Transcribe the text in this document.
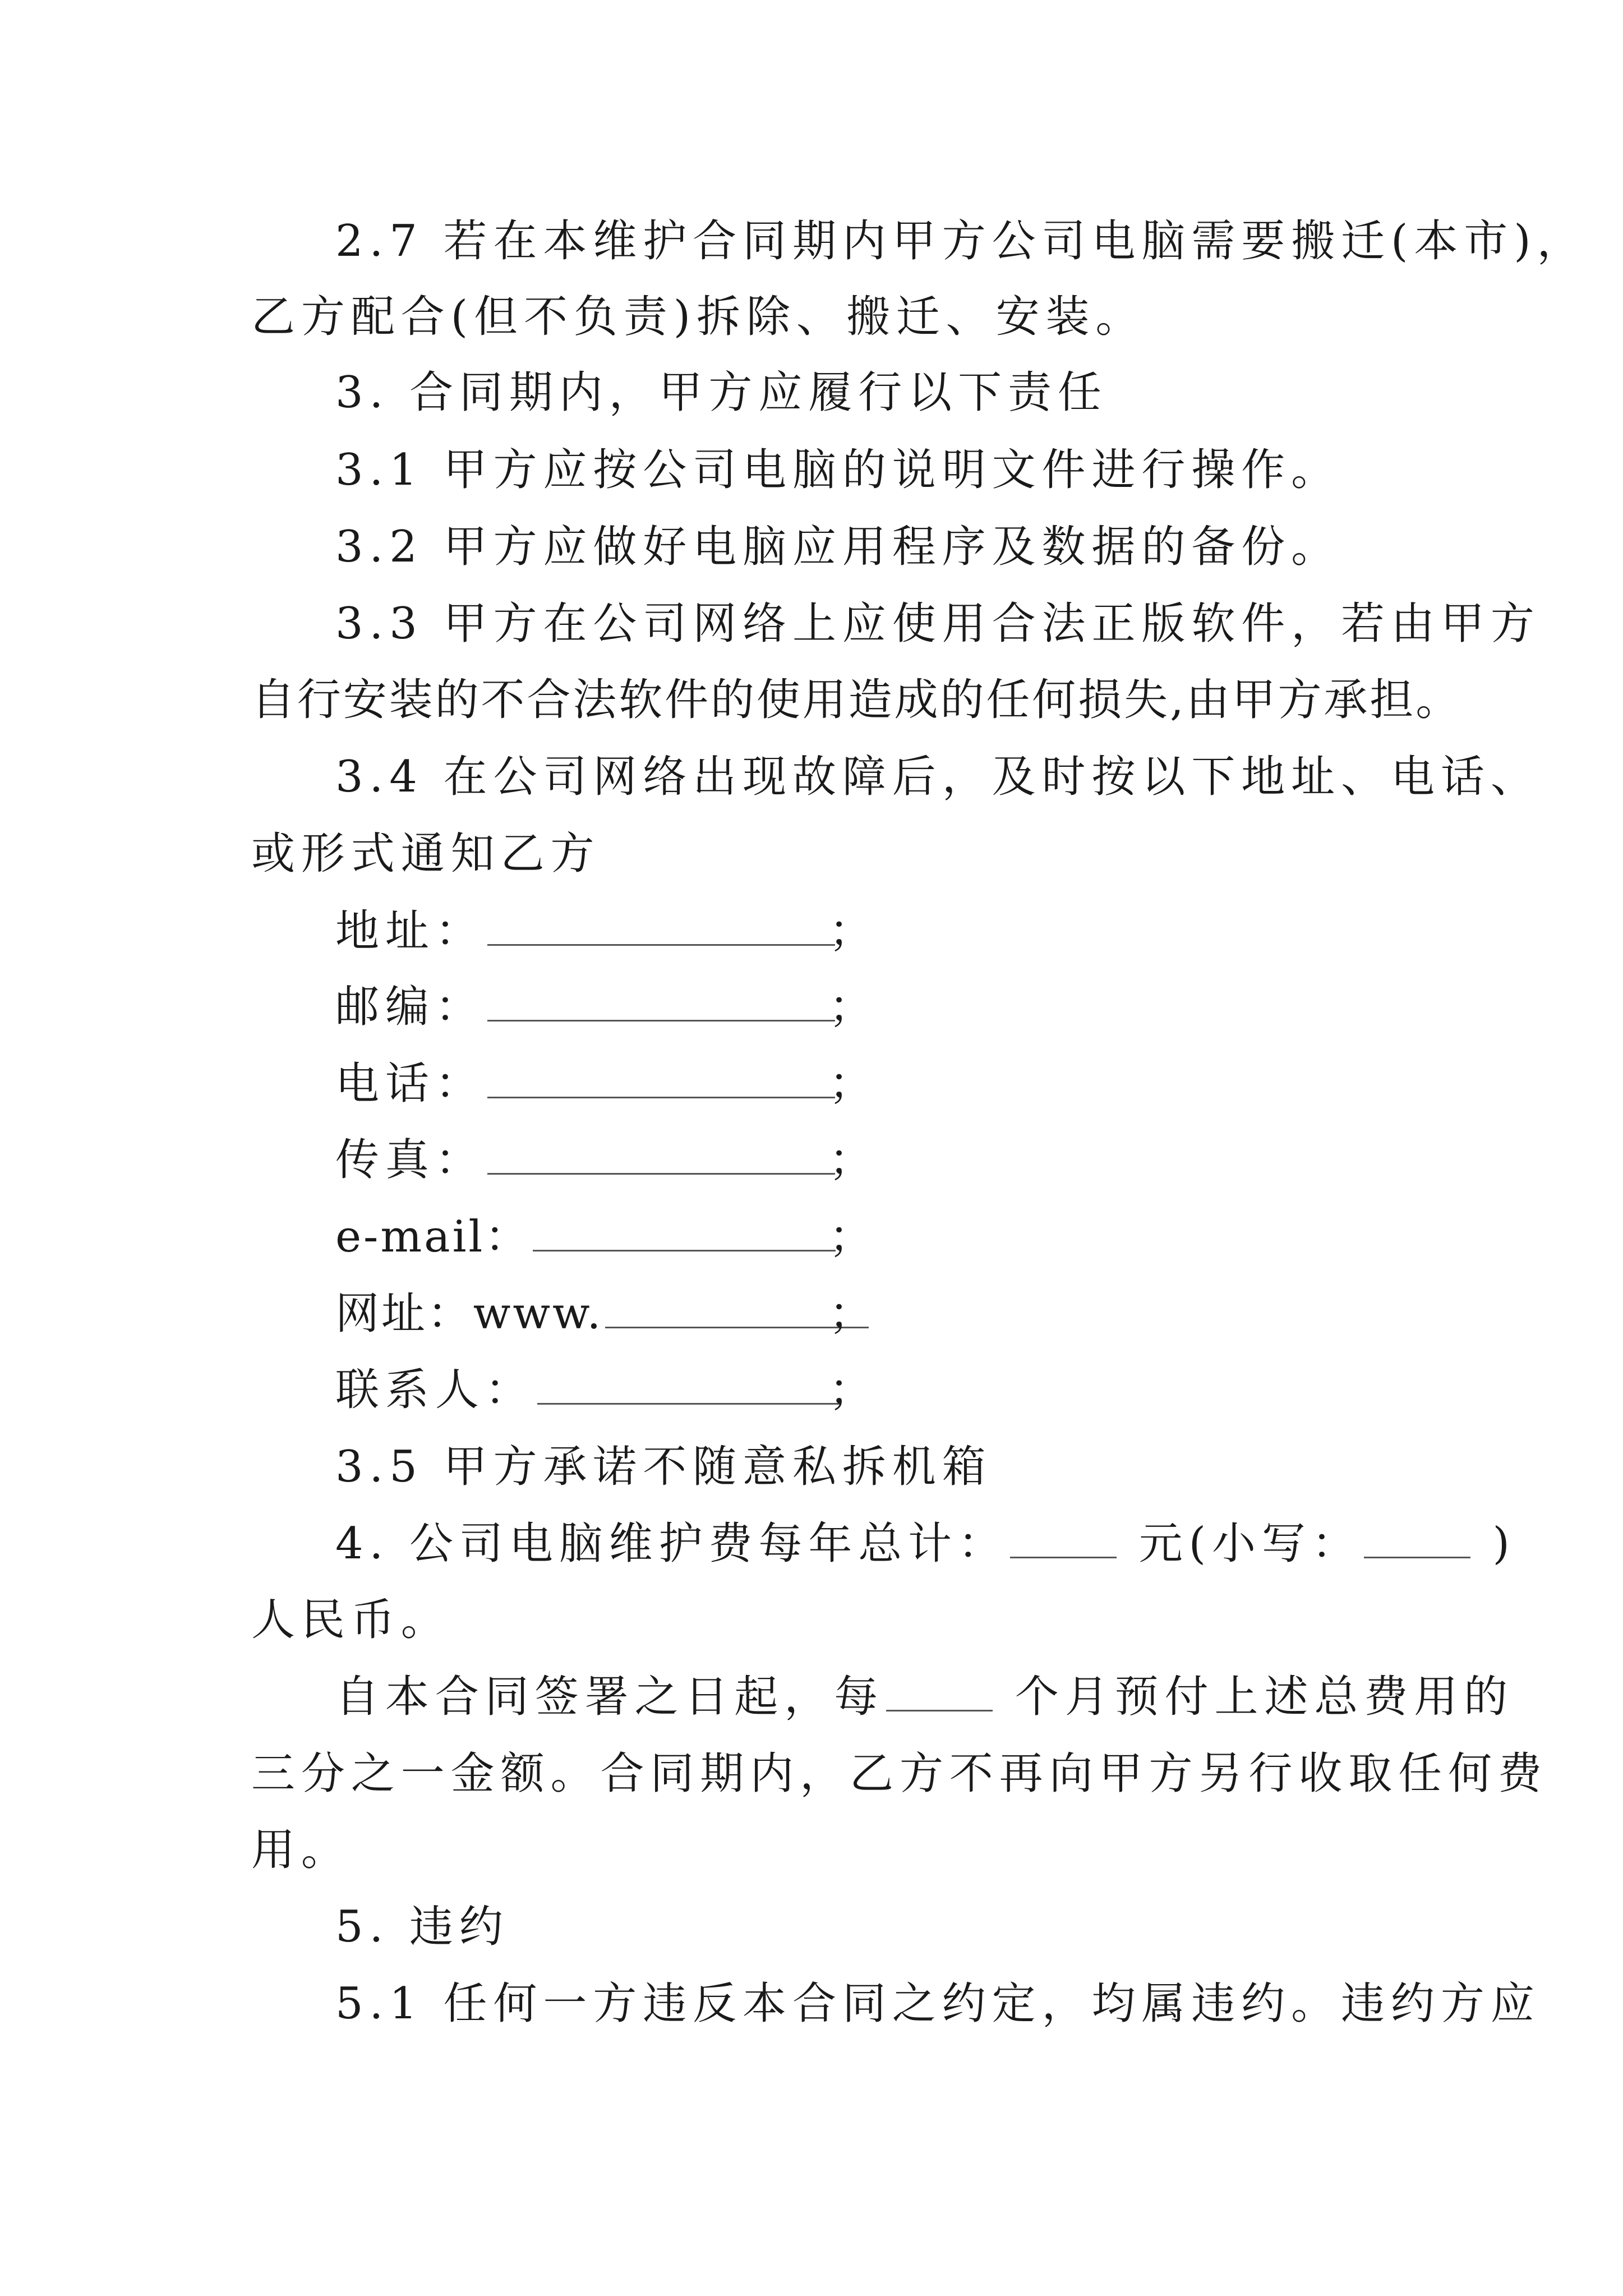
2.7 若在本维护合同期内甲方公司电脑需要搬迁(本市)，
乙方配合(但不负责)拆除、搬迁、安装。
3. 合同期内，甲方应履行以下责任
3.1 甲方应按公司电脑的说明文件进行操作。
3.2 甲方应做好电脑应用程序及数据的备份。
3.3 甲方在公司网络上应使用合法正版软件，若由甲方
自行安装的不合法软件的使用造成的任何损失,由甲方承担。
3.4 在公司网络出现故障后，及时按以下地址、电话、
或形式通知乙方
地址：	；
邮编：	；
电话：	；
传真：	；
e-mail：	；
网址：www.	；
联系人：	；
3.5 甲方承诺不随意私拆机箱
4. 公司电脑维护费每年总计：	元(小写：	)
人民币。
自本合同签署之日起，每	个月预付上述总费用的
三分之一金额。合同期内，乙方不再向甲方另行收取任何费
用。
5. 违约
5.1 任何一方违反本合同之约定，均属违约。违约方应
